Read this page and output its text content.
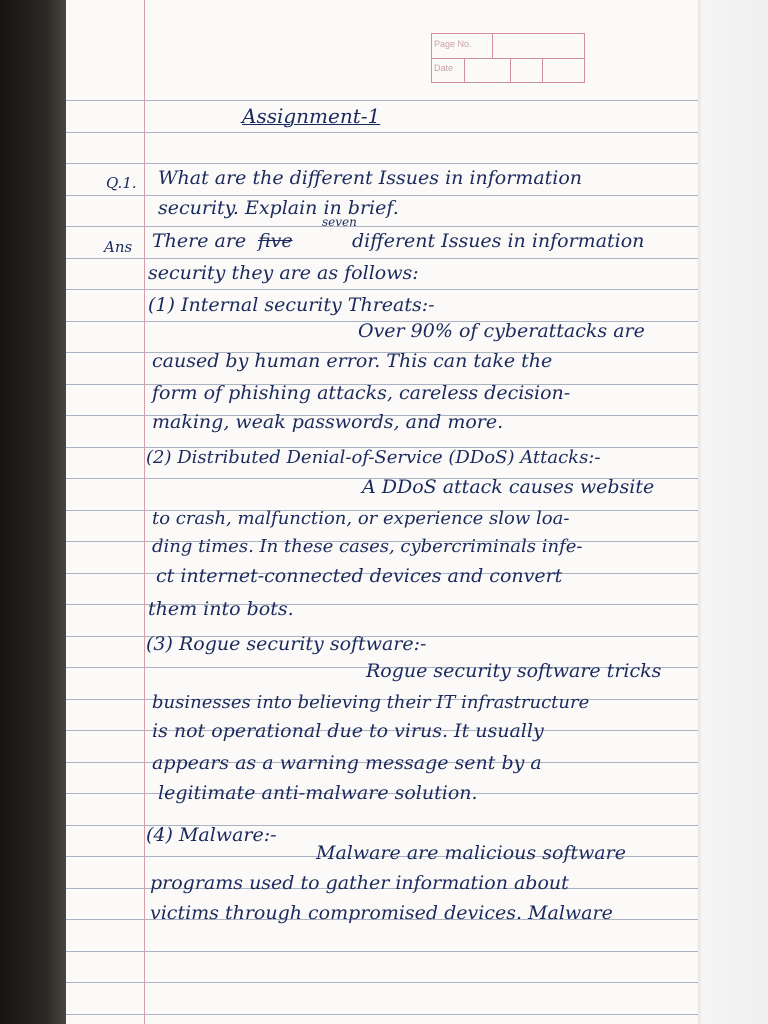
Page No.
Date
Assignment-1
Q.1. What are the different Issues in information
security. Explain in brief.
Ans There are five
seven
different Issues in information
security they are as follows:
(1) Internal security Threats:-
Over 90% of cyberattacks are
caused by human error. This can take the
form of phishing attacks, careless decision-
making, weak passwords, and more.
(2) Distributed Denial-of-Service (DDoS) Attacks:-
A DDoS attack causes website
to crash, malfunction, or experience slow loa-
ding times. In these cases, cybercriminals infe-
ct internet-connected devices and convert
them into bots.
(3) Rogue security software:-
Rogue security software tricks
businesses into believing their IT infrastructure
is not operational due to virus. It usually
appears as a warning message sent by a
legitimate anti-malware solution.
(4) Malware:-
Malware are malicious software
programs used to gather information about
victims through compromised devices. Malware
